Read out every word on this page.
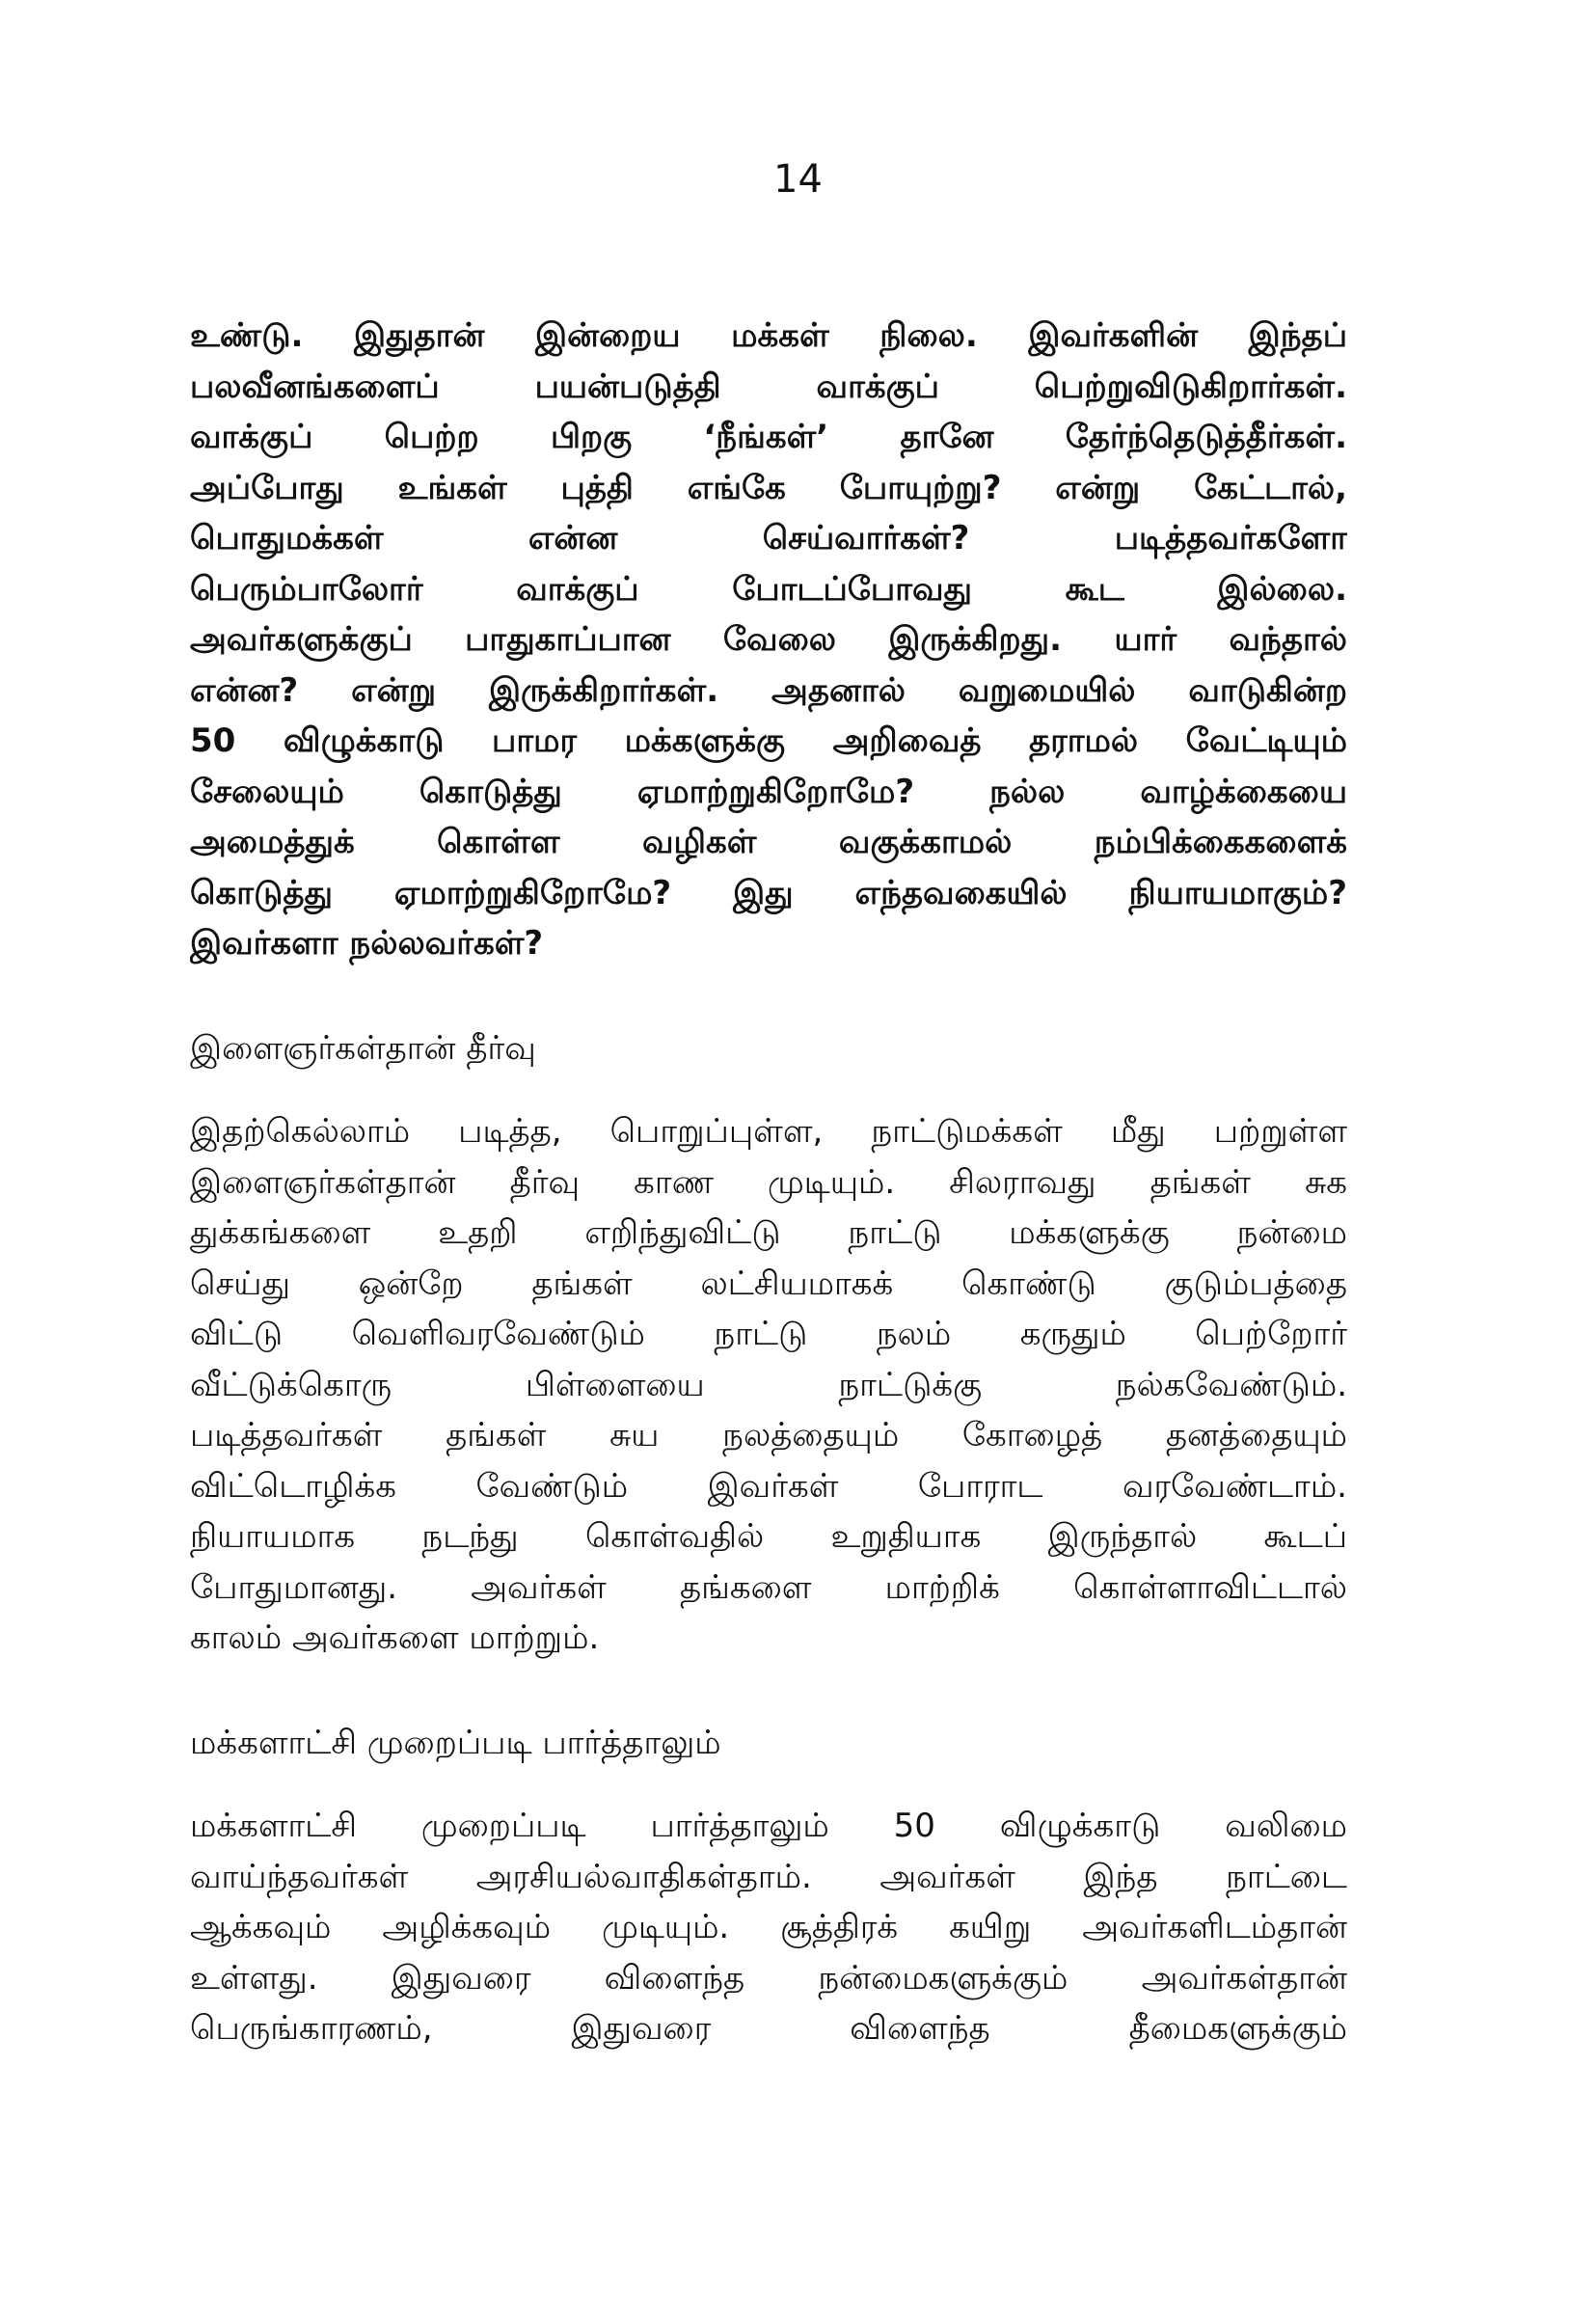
14
உண்டு. இதுதான் இன்றைய மக்கள் நிலை. இவர்களின் இந்தப்
பலவீனங்களைப் பயன்படுத்தி வாக்குப் பெற்றுவிடுகிறார்கள்.
வாக்குப் பெற்ற பிறகு ‘நீங்கள்’ தானே தேர்ந்தெடுத்தீர்கள்.
அப்போது உங்கள் புத்தி எங்கே போயுற்று? என்று கேட்டால்,
பொதுமக்கள் என்ன செய்வார்கள்? படித்தவர்களோ
பெரும்பாலோர் வாக்குப் போடப்போவது கூட இல்லை.
அவர்களுக்குப் பாதுகாப்பான வேலை இருக்கிறது. யார் வந்தால்
என்ன? என்று இருக்கிறார்கள். அதனால் வறுமையில் வாடுகின்ற
50 விழுக்காடு பாமர மக்களுக்கு அறிவைத் தராமல் வேட்டியும்
சேலையும் கொடுத்து ஏமாற்றுகிறோமே? நல்ல வாழ்க்கையை
அமைத்துக் கொள்ள வழிகள் வகுக்காமல் நம்பிக்கைகளைக்
கொடுத்து ஏமாற்றுகிறோமே? இது எந்தவகையில் நியாயமாகும்?
இவர்களா நல்லவர்கள்?
இளைஞர்கள்தான் தீர்வு
இதற்கெல்லாம் படித்த, பொறுப்புள்ள, நாட்டுமக்கள் மீது பற்றுள்ள
இளைஞர்கள்தான் தீர்வு காண முடியும். சிலராவது தங்கள் சுக
துக்கங்களை உதறி எறிந்துவிட்டு நாட்டு மக்களுக்கு நன்மை
செய்து ஒன்றே தங்கள் லட்சியமாகக் கொண்டு குடும்பத்தை
விட்டு வெளிவரவேண்டும் நாட்டு நலம் கருதும் பெற்றோர்
வீட்டுக்கொரு பிள்ளையை நாட்டுக்கு நல்கவேண்டும்.
படித்தவர்கள் தங்கள் சுய நலத்தையும் கோழைத் தனத்தையும்
விட்டொழிக்க வேண்டும் இவர்கள் போராட வரவேண்டாம்.
நியாயமாக நடந்து கொள்வதில் உறுதியாக இருந்தால் கூடப்
போதுமானது. அவர்கள் தங்களை மாற்றிக் கொள்ளாவிட்டால்
காலம் அவர்களை மாற்றும்.
மக்களாட்சி முறைப்படி பார்த்தாலும்
மக்களாட்சி முறைப்படி பார்த்தாலும் 50 விழுக்காடு வலிமை
வாய்ந்தவர்கள் அரசியல்வாதிகள்தாம். அவர்கள் இந்த நாட்டை
ஆக்கவும் அழிக்கவும் முடியும். சூத்திரக் கயிறு அவர்களிடம்தான்
உள்ளது. இதுவரை விளைந்த நன்மைகளுக்கும் அவர்கள்தான்
பெருங்காரணம், இதுவரை விளைந்த தீமைகளுக்கும்
